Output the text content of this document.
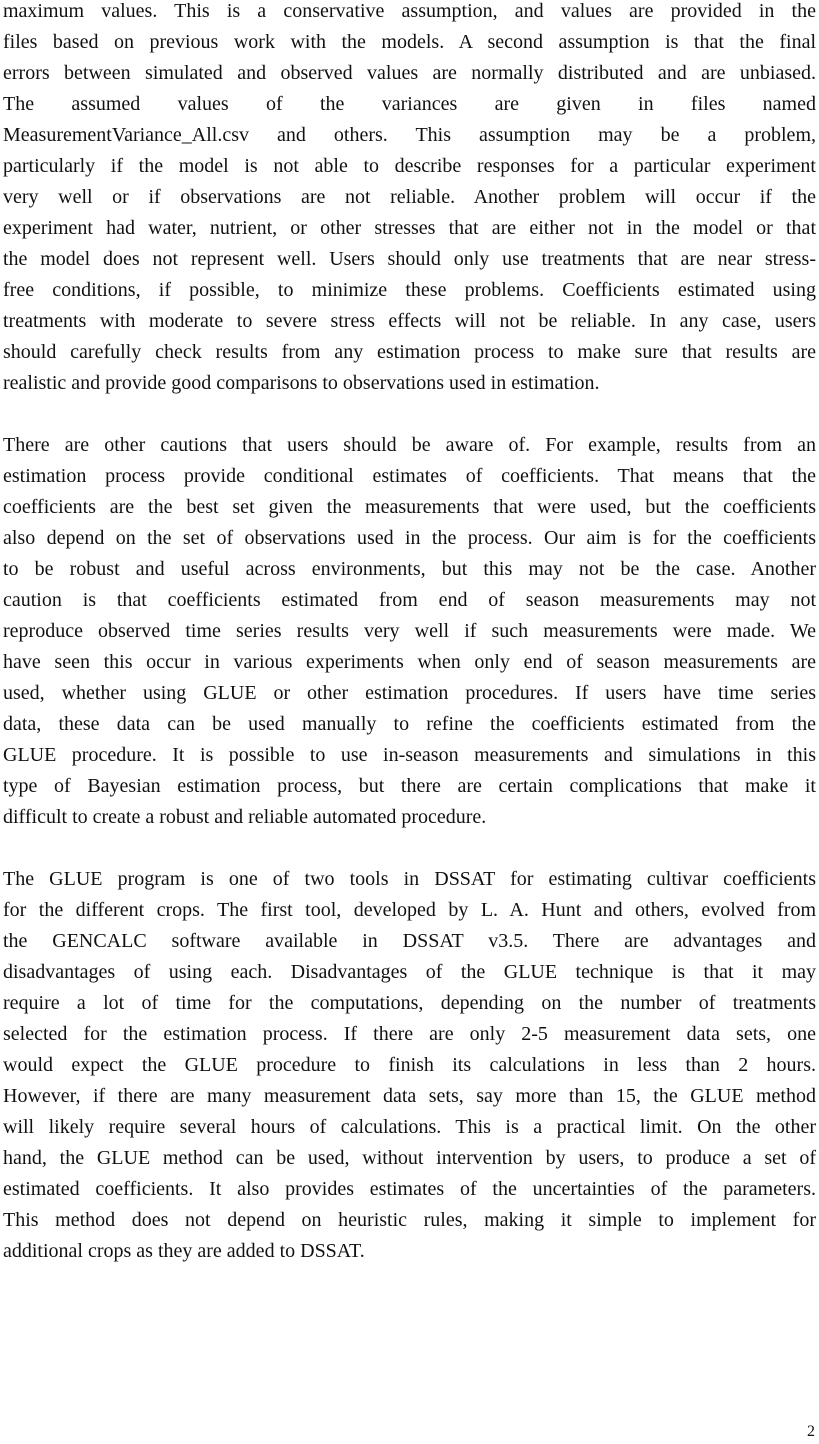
maximum values. This is a conservative assumption, and values are provided in the
files based on previous work with the models. A second assumption is that the final
errors between simulated and observed values are normally distributed and are unbiased.
The assumed values of the variances are given in files named
MeasurementVariance_All.csv and others. This assumption may be a problem,
particularly if the model is not able to describe responses for a particular experiment
very well or if observations are not reliable. Another problem will occur if the
experiment had water, nutrient, or other stresses that are either not in the model or that
the model does not represent well. Users should only use treatments that are near stress-
free conditions, if possible, to minimize these problems. Coefficients estimated using
treatments with moderate to severe stress effects will not be reliable. In any case, users
should carefully check results from any estimation process to make sure that results are
realistic and provide good comparisons to observations used in estimation.
There are other cautions that users should be aware of. For example, results from an
estimation process provide conditional estimates of coefficients. That means that the
coefficients are the best set given the measurements that were used, but the coefficients
also depend on the set of observations used in the process. Our aim is for the coefficients
to be robust and useful across environments, but this may not be the case. Another
caution is that coefficients estimated from end of season measurements may not
reproduce observed time series results very well if such measurements were made. We
have seen this occur in various experiments when only end of season measurements are
used, whether using GLUE or other estimation procedures. If users have time series
data, these data can be used manually to refine the coefficients estimated from the
GLUE procedure. It is possible to use in-season measurements and simulations in this
type of Bayesian estimation process, but there are certain complications that make it
difficult to create a robust and reliable automated procedure.
The GLUE program is one of two tools in DSSAT for estimating cultivar coefficients
for the different crops. The first tool, developed by L. A. Hunt and others, evolved from
the GENCALC software available in DSSAT v3.5. There are advantages and
disadvantages of using each. Disadvantages of the GLUE technique is that it may
require a lot of time for the computations, depending on the number of treatments
selected for the estimation process. If there are only 2-5 measurement data sets, one
would expect the GLUE procedure to finish its calculations in less than 2 hours.
However, if there are many measurement data sets, say more than 15, the GLUE method
will likely require several hours of calculations. This is a practical limit. On the other
hand, the GLUE method can be used, without intervention by users, to produce a set of
estimated coefficients. It also provides estimates of the uncertainties of the parameters.
This method does not depend on heuristic rules, making it simple to implement for
additional crops as they are added to DSSAT.
2
